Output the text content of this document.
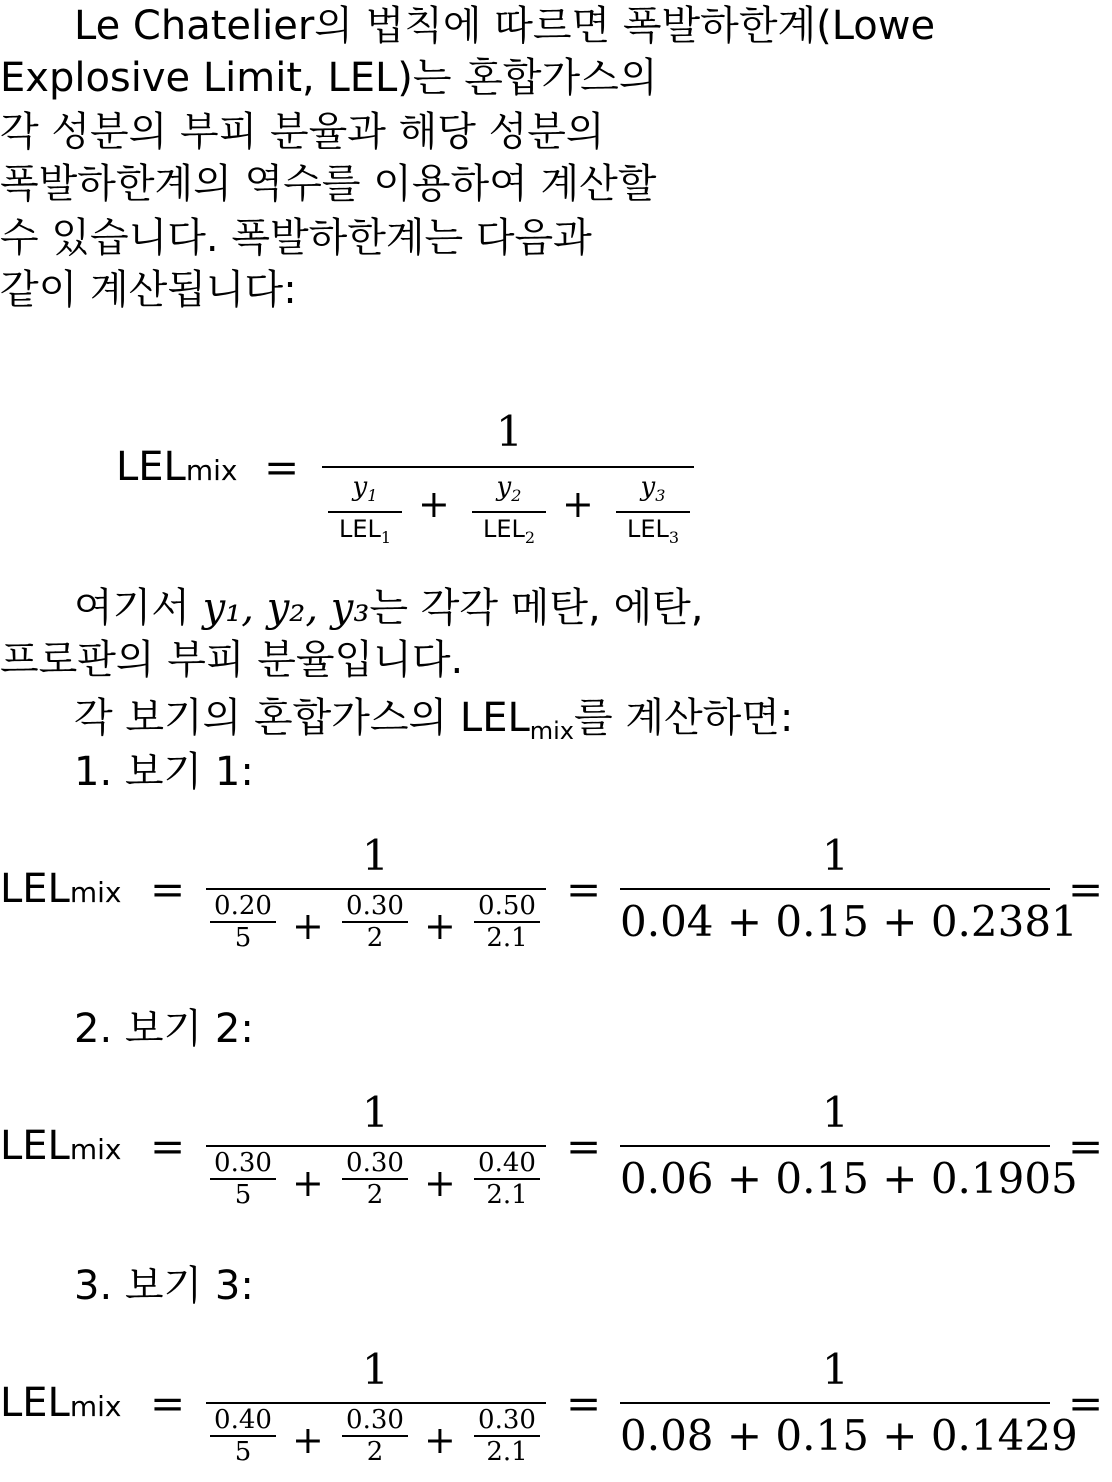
Le Chatelier의 법칙에 따르면 폭발하한계(Lowe
Explosive Limit, LEL)는 혼합가스의
각 성분의 부피 분율과 해당 성분의
폭발하한계의 역수를 이용하여 계산할
수 있습니다. 폭발하한계는 다음과
같이 계산됩니다:
LELmix =
1
$y_1$
$LEL_1$
+	$y_2$
$LEL_2$
+	$y_3$
$LEL_3$
여기서 y₁, y₂, y₃는 각각 메탄, 에탄,
프로판의 부피 분율입니다.
각 보기의 혼합가스의 $LEL_{mix}$를 계산하면:
1. 보기 1:
LELmix =
1
0.20
5	+ 0.30
2	+ 0.50
2.1
=
1
0.04 + 0.15 + 0.2381
=
2. 보기 2:
LELmix =
1
0.30
5	+ 0.30
2	+ 0.40
2.1
=
1
0.06 + 0.15 + 0.1905
=
3. 보기 3:
LELmix =
1
0.40
5	+ 0.30
2	+ 0.30
2.1
=
1
0.08 + 0.15 + 0.1429
=
